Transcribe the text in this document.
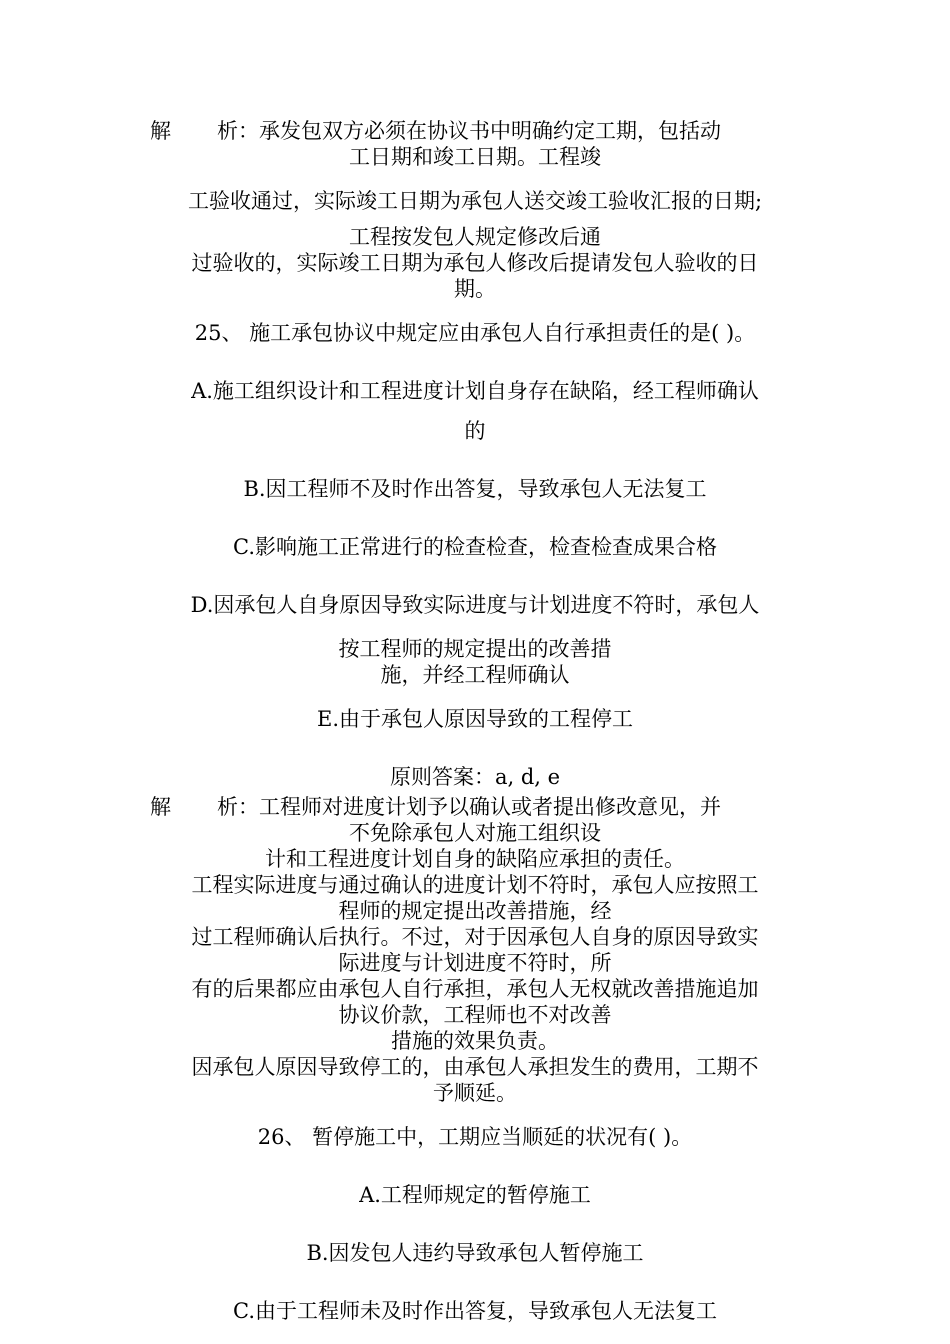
解 析：承发包双方必须在协议书中明确约定工期，包括动

工日期和竣工日期。工程竣

工验收通过，实际竣工日期为承包人送交竣工验收汇报的日期;

工程按发包人规定修改后通

过验收的，实际竣工日期为承包人修改后提请发包人验收的日

期。

25、 施工承包协议中规定应由承包人自行承担责任的是( )。

A.施工组织设计和工程进度计划自身存在缺陷，经工程师确认

的

B.因工程师不及时作出答复，导致承包人无法复工

C.影响施工正常进行的检查检查，检查检查成果合格

D.因承包人自身原因导致实际进度与计划进度不符时，承包人

按工程师的规定提出的改善措

施，并经工程师确认

E.由于承包人原因导致的工程停工

原则答案：a, d, e

解 析：工程师对进度计划予以确认或者提出修改意见，并

不免除承包人对施工组织设

计和工程进度计划自身的缺陷应承担的责任。

工程实际进度与通过确认的进度计划不符时，承包人应按照工

程师的规定提出改善措施，经

过工程师确认后执行。不过，对于因承包人自身的原因导致实

际进度与计划进度不符时，所

有的后果都应由承包人自行承担，承包人无权就改善措施追加

协议价款，工程师也不对改善

措施的效果负责。

因承包人原因导致停工的，由承包人承担发生的费用，工期不

予顺延。

26、 暂停施工中，工期应当顺延的状况有( )。

A.工程师规定的暂停施工

B.因发包人违约导致承包人暂停施工

C.由于工程师未及时作出答复，导致承包人无法复工
